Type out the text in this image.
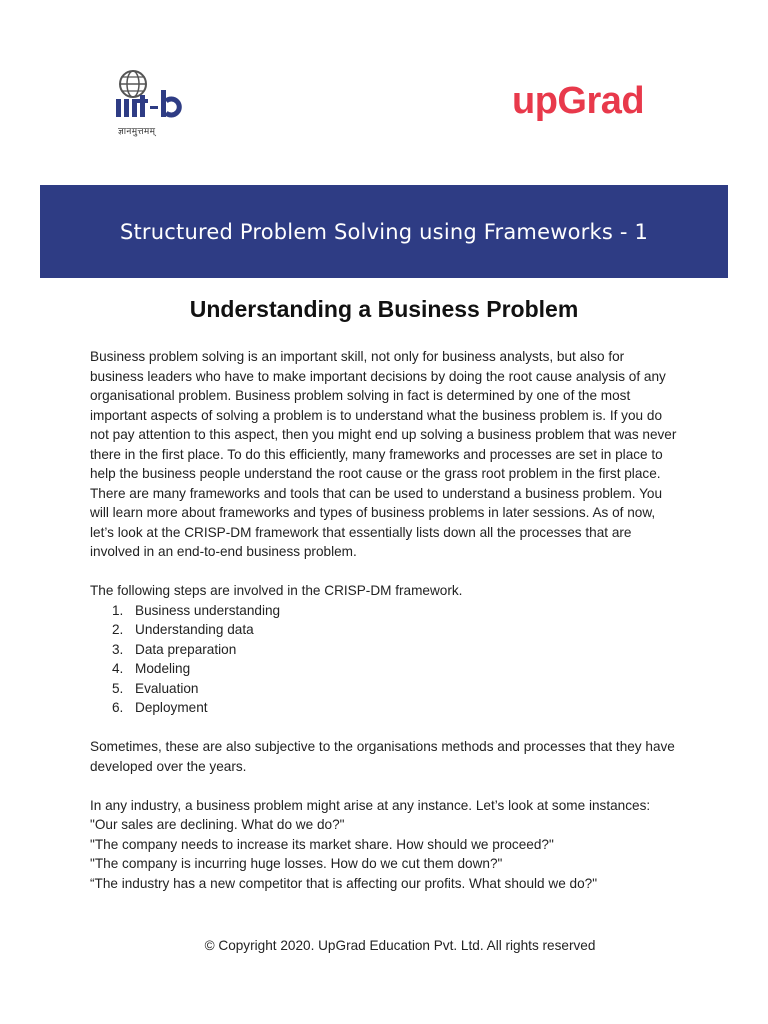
ज्ञानमुत्तमम्
upGrad
Structured Problem Solving using Frameworks - 1
Understanding a Business Problem

Business problem solving is an important skill, not only for business analysts, but also for business leaders who have to make important decisions by doing the root cause analysis of any organisational problem. Business problem solving in fact is determined by one of the most important aspects of solving a problem is to understand what the business problem is. If you do not pay attention to this aspect, then you might end up solving a business problem that was never there in the first place. To do this efficiently, many frameworks and processes are set in place to help the business people understand the root cause or the grass root problem in the first place. There are many frameworks and tools that can be used to understand a business problem. You will learn more about frameworks and types of business problems in later sessions. As of now, let’s look at the CRISP-DM framework that essentially lists down all the processes that are involved in an end-to-end business problem.

The following steps are involved in the CRISP-DM framework.

1. Business understanding
2. Understanding data
3. Data preparation
4. Modeling
5. Evaluation
6. Deployment

Sometimes, these are also subjective to the organisations methods and processes that they have developed over the years.

In any industry, a business problem might arise at any instance. Let’s look at some instances:

"Our sales are declining. What do we do?"

"The company needs to increase its market share. How should we proceed?"

"The company is incurring huge losses. How do we cut them down?"

“The industry has a new competitor that is affecting our profits. What should we do?"

© Copyright 2020. UpGrad Education Pvt. Ltd. All rights reserved
